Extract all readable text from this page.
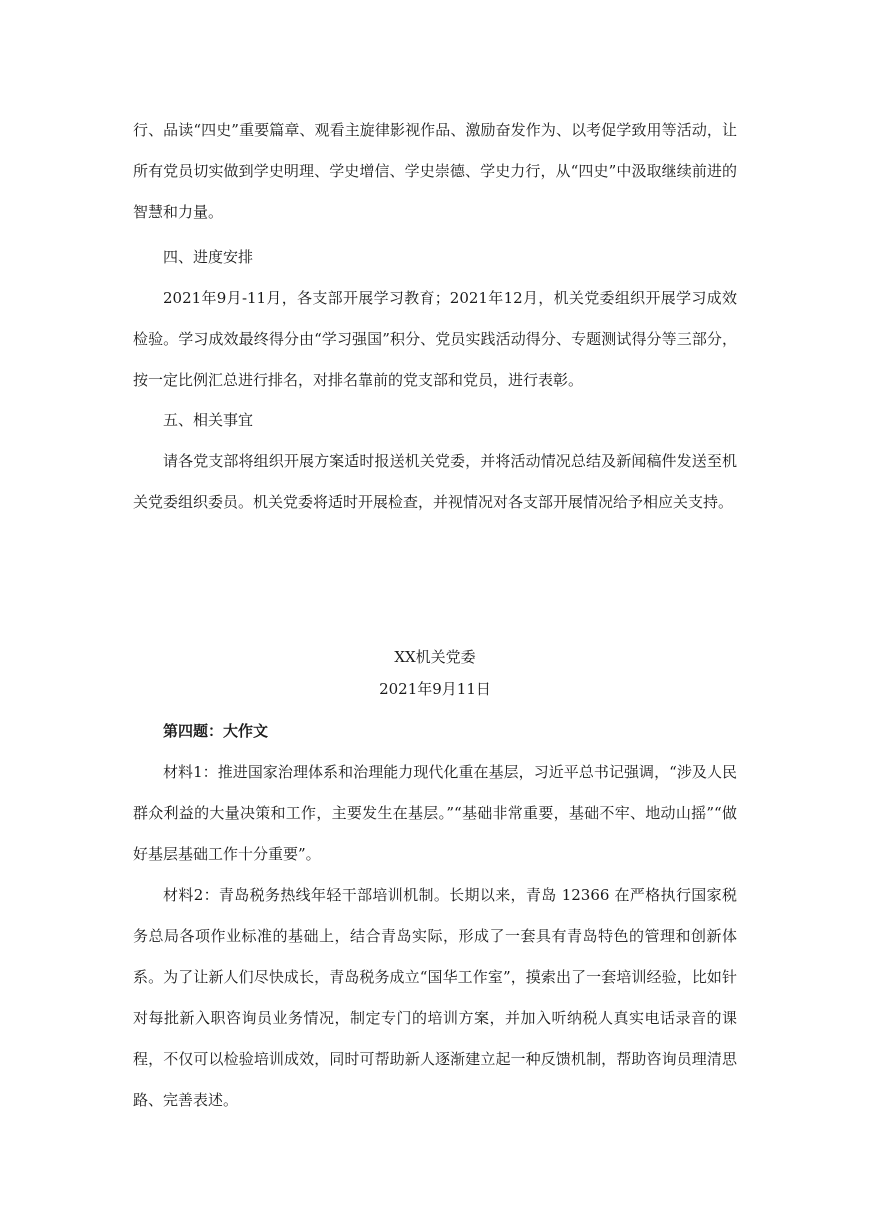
行、品读“四史”重要篇章、观看主旋律影视作品、激励奋发作为、以考促学致用等活动，让所有党员切实做到学史明理、学史增信、学史崇德、学史力行，从“四史”中汲取继续前进的智慧和力量。

四、进度安排

2021年9月-11月，各支部开展学习教育；2021年12月，机关党委组织开展学习成效检验。学习成效最终得分由“学习强国”积分、党员实践活动得分、专题测试得分等三部分，按一定比例汇总进行排名，对排名靠前的党支部和党员，进行表彰。

五、相关事宜

请各党支部将组织开展方案适时报送机关党委，并将活动情况总结及新闻稿件发送至机关党委组织委员。机关党委将适时开展检查，并视情况对各支部开展情况给予相应关支持。

XX机关党委

2021年9月11日

第四题：大作文

材料1：推进国家治理体系和治理能力现代化重在基层，习近平总书记强调，“涉及人民群众利益的大量决策和工作，主要发生在基层。”“基础非常重要，基础不牢、地动山摇”“做好基层基础工作十分重要”。

材料2：青岛税务热线年轻干部培训机制。长期以来，青岛 12366 在严格执行国家税务总局各项作业标准的基础上，结合青岛实际，形成了一套具有青岛特色的管理和创新体系。为了让新人们尽快成长，青岛税务成立“国华工作室”，摸索出了一套培训经验，比如针对每批新入职咨询员业务情况，制定专门的培训方案，并加入听纳税人真实电话录音的课程，不仅可以检验培训成效，同时可帮助新人逐渐建立起一种反馈机制，帮助咨询员理清思路、完善表述。
